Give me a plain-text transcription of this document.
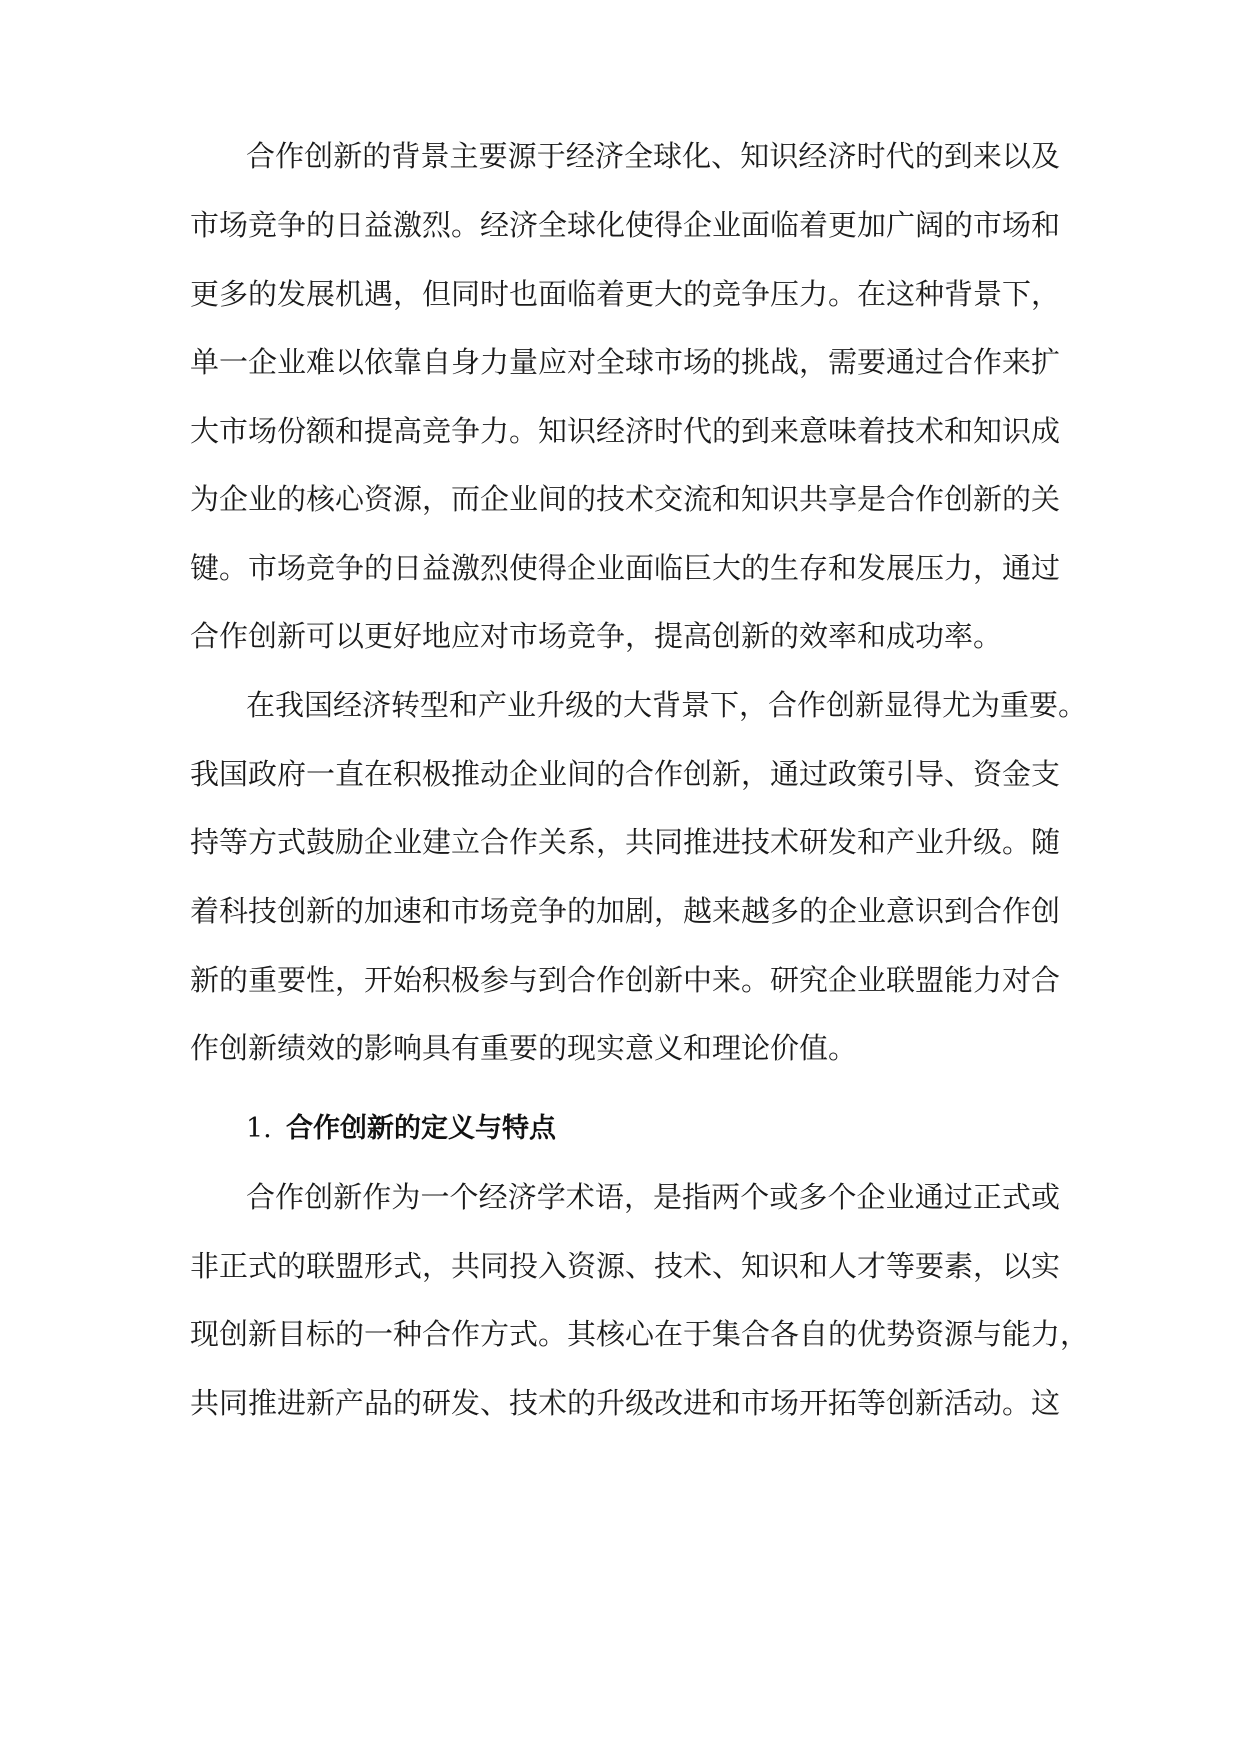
合作创新的背景主要源于经济全球化、知识经济时代的到来以及
市场竞争的日益激烈。经济全球化使得企业面临着更加广阔的市场和
更多的发展机遇，但同时也面临着更大的竞争压力。在这种背景下，
单一企业难以依靠自身力量应对全球市场的挑战，需要通过合作来扩
大市场份额和提高竞争力。知识经济时代的到来意味着技术和知识成
为企业的核心资源，而企业间的技术交流和知识共享是合作创新的关
键。市场竞争的日益激烈使得企业面临巨大的生存和发展压力，通过
合作创新可以更好地应对市场竞争，提高创新的效率和成功率。
在我国经济转型和产业升级的大背景下，合作创新显得尤为重要。
我国政府一直在积极推动企业间的合作创新，通过政策引导、资金支
持等方式鼓励企业建立合作关系，共同推进技术研发和产业升级。随
着科技创新的加速和市场竞争的加剧，越来越多的企业意识到合作创
新的重要性，开始积极参与到合作创新中来。研究企业联盟能力对合
作创新绩效的影响具有重要的现实意义和理论价值。
1. 合作创新的定义与特点
合作创新作为一个经济学术语，是指两个或多个企业通过正式或
非正式的联盟形式，共同投入资源、技术、知识和人才等要素，以实
现创新目标的一种合作方式。其核心在于集合各自的优势资源与能力，
共同推进新产品的研发、技术的升级改进和市场开拓等创新活动。这
